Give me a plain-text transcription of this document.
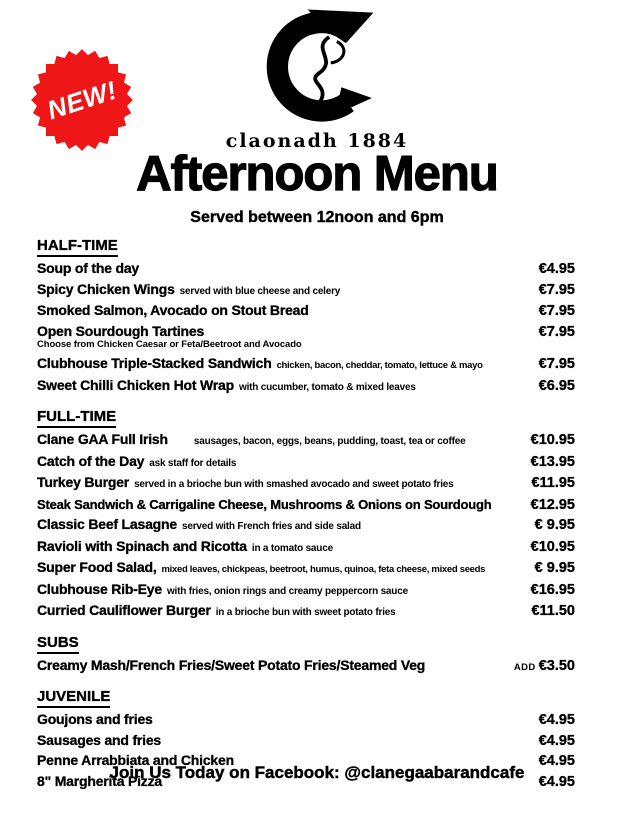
claonadh 1884
NEW!
Afternoon Menu
Served between 12noon and 6pm
HALF-TIME
Soup of the day	€4.95
Spicy Chicken Wings served with blue cheese and celery	€7.95
Smoked Salmon, Avocado on Stout Bread	€7.95
Open Sourdough Tartines	€7.95
Choose from Chicken Caesar or Feta/Beetroot and Avocado
Clubhouse Triple-Stacked Sandwich chicken, bacon, cheddar, tomato, lettuce & mayo	€7.95
Sweet Chilli Chicken Hot Wrap with cucumber, tomato & mixed leaves	€6.95
FULL-TIME
Clane GAA Full Irish	sausages, bacon, eggs, beans, pudding, toast, tea or coffee	€10.95
Catch of the Day ask staff for details	€13.95
Turkey Burger served in a brioche bun with smashed avocado and sweet potato fries	€11.95
Steak Sandwich & Carrigaline Cheese, Mushrooms & Onions on Sourdough	€12.95
Classic Beef Lasagne served with French fries and side salad	€ 9.95
Ravioli with Spinach and Ricotta in a tomato sauce	€10.95
Super Food Salad, mixed leaves, chickpeas, beetroot, humus, quinoa, feta cheese, mixed seeds	€ 9.95
Clubhouse Rib-Eye with fries, onion rings and creamy peppercorn sauce	€16.95
Curried Cauliflower Burger in a brioche bun with sweet potato fries	€11.50
SUBS
Creamy Mash/French Fries/Sweet Potato Fries/Steamed Veg	ADD €3.50
JUVENILE
Goujons and fries	€4.95
Sausages and fries	€4.95
Penne Arrabbiata and Chicken	€4.95
8" Margherita Pizza	€4.95
Join Us Today on Facebook: @clanegaabarandcafe
